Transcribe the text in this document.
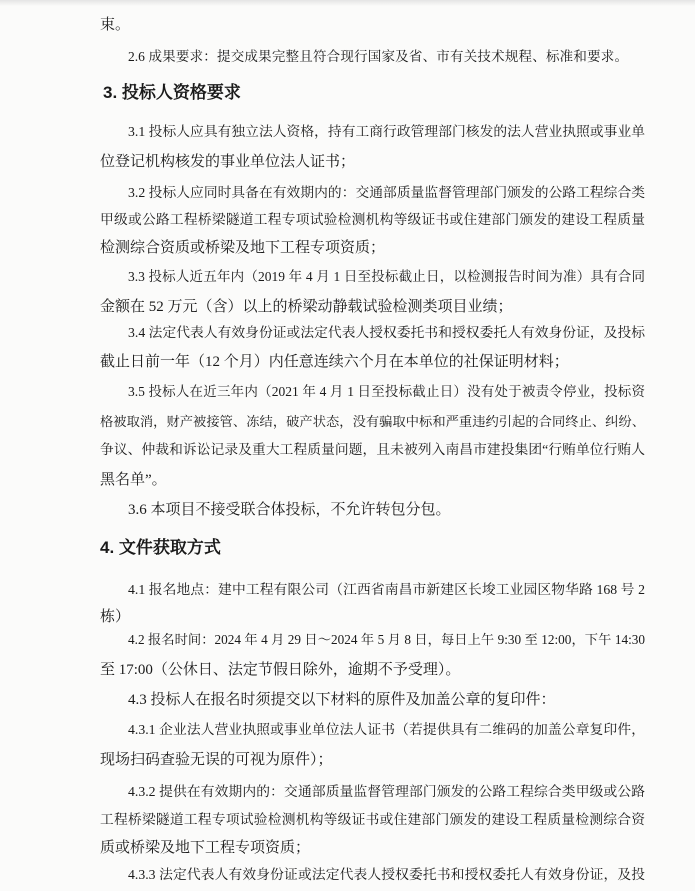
束。
2.6 成果要求：提交成果完整且符合现行国家及省、市有关技术规程、标准和要求。
3. 投标人资格要求
3.1 投标人应具有独立法人资格，持有工商行政管理部门核发的法人营业执照或事业单
位登记机构核发的事业单位法人证书；
3.2 投标人应同时具备在有效期内的：交通部质量监督管理部门颁发的公路工程综合类
甲级或公路工程桥梁隧道工程专项试验检测机构等级证书或住建部门颁发的建设工程质量
检测综合资质或桥梁及地下工程专项资质；
3.3 投标人近五年内（2019 年 4 月 1 日至投标截止日，以检测报告时间为准）具有合同
金额在 52 万元（含）以上的桥梁动静载试验检测类项目业绩；
3.4 法定代表人有效身份证或法定代表人授权委托书和授权委托人有效身份证，及投标
截止日前一年（12 个月）内任意连续六个月在本单位的社保证明材料；
3.5 投标人在近三年内（2021 年 4 月 1 日至投标截止日）没有处于被责令停业，投标资
格被取消，财产被接管、冻结，破产状态，没有骗取中标和严重违约引起的合同终止、纠纷、
争议、仲裁和诉讼记录及重大工程质量问题，且未被列入南昌市建投集团“行贿单位行贿人
黑名单”。
3.6 本项目不接受联合体投标，不允许转包分包。
4. 文件获取方式
4.1 报名地点：建中工程有限公司（江西省南昌市新建区长埈工业园区物华路 168 号 2
栋）
4.2 报名时间：2024 年 4 月 29 日～2024 年 5 月 8 日，每日上午 9:30 至 12:00，下午 14:30
至 17:00（公休日、法定节假日除外，逾期不予受理）。
4.3 投标人在报名时须提交以下材料的原件及加盖公章的复印件：
4.3.1 企业法人营业执照或事业单位法人证书（若提供具有二维码的加盖公章复印件，
现场扫码查验无误的可视为原件）；
4.3.2 提供在有效期内的：交通部质量监督管理部门颁发的公路工程综合类甲级或公路
工程桥梁隧道工程专项试验检测机构等级证书或住建部门颁发的建设工程质量检测综合资
质或桥梁及地下工程专项资质；
4.3.3 法定代表人有效身份证或法定代表人授权委托书和授权委托人有效身份证，及投
